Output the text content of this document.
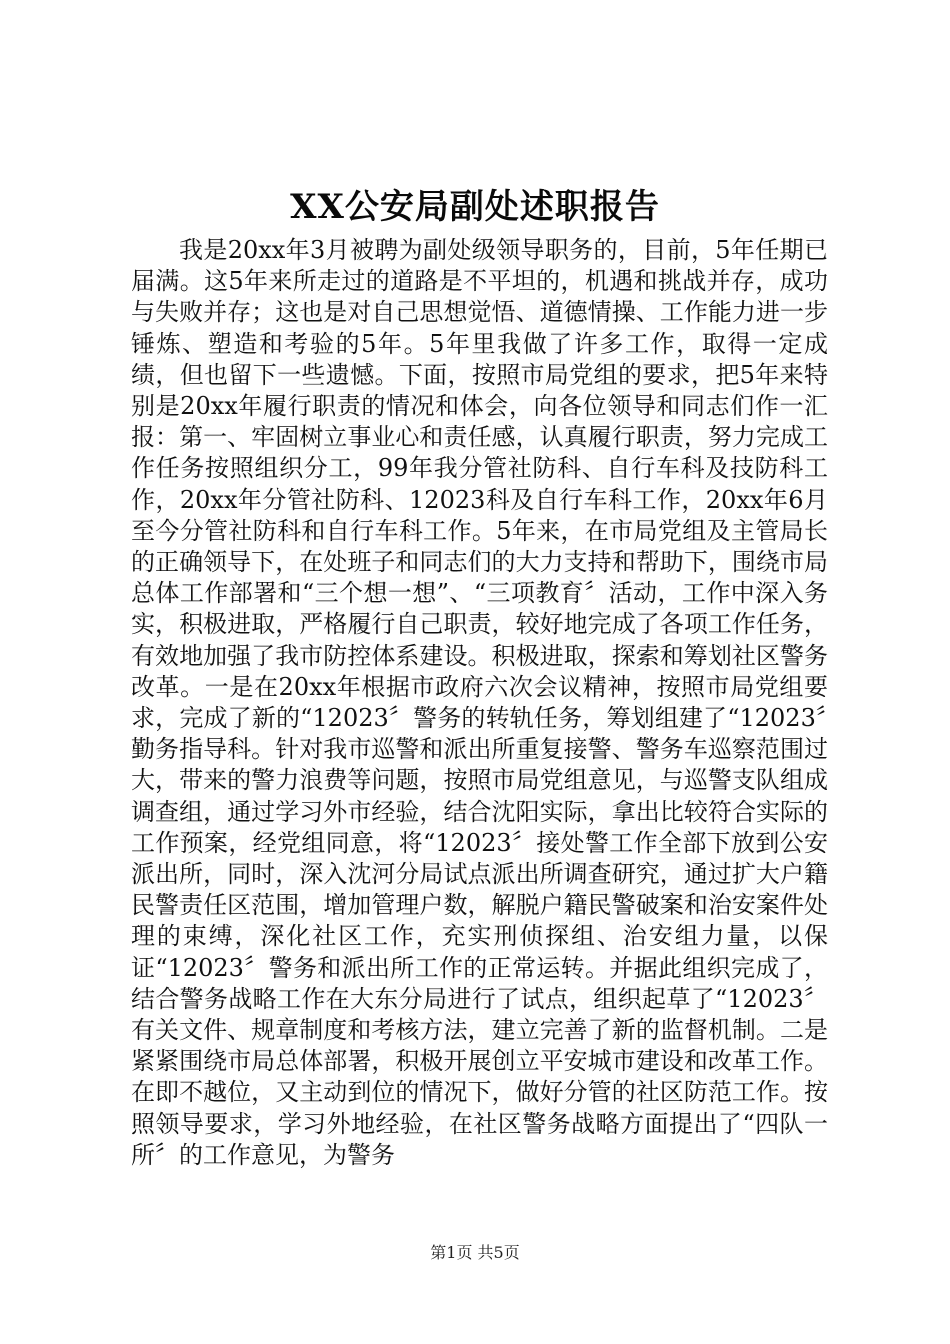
XX公安局副处述职报告

我是20xx年3月被聘为副处级领导职务的，目前，5年任期已届满。这5年来所走过的道路是不平坦的，机遇和挑战并存，成功与失败并存；这也是对自己思想觉悟、道德情操、工作能力进一步锤炼、塑造和考验的5年。5年里我做了许多工作，取得一定成绩，但也留下一些遗憾。下面，按照市局党组的要求，把5年来特别是20xx年履行职责的情况和体会，向各位领导和同志们作一汇报：第一、牢固树立事业心和责任感，认真履行职责，努力完成工作任务按照组织分工，99年我分管社防科、自行车科及技防科工作，20xx年分管社防科、12023科及自行车科工作，20xx年6月至今分管社防科和自行车科工作。5年来，在市局党组及主管局长的正确领导下，在处班子和同志们的大力支持和帮助下，围绕市局总体工作部署和“三个想一想”、“三项教育〞活动，工作中深入务实，积极进取，严格履行自己职责，较好地完成了各项工作任务，有效地加强了我市防控体系建设。积极进取，探索和筹划社区警务改革。一是在20xx年根据市政府六次会议精神，按照市局党组要求，完成了新的“12023〞警务的转轨任务，筹划组建了“12023〞勤务指导科。针对我市巡警和派出所重复接警、警务车巡察范围过大，带来的警力浪费等问题，按照市局党组意见，与巡警支队组成调查组，通过学习外市经验，结合沈阳实际，拿出比较符合实际的工作预案，经党组同意，将“12023〞接处警工作全部下放到公安派出所，同时，深入沈河分局试点派出所调查研究，通过扩大户籍民警责任区范围，增加管理户数，解脱户籍民警破案和治安案件处理的束缚，深化社区工作，充实刑侦探组、治安组力量，以保证“12023〞警务和派出所工作的正常运转。并据此组织完成了，结合警务战略工作在大东分局进行了试点，组织起草了“12023〞有关文件、规章制度和考核方法，建立完善了新的监督机制。二是紧紧围绕市局总体部署，积极开展创立平安城市建设和改革工作。在即不越位，又主动到位的情况下，做好分管的社区防范工作。按照领导要求，学习外地经验，在社区警务战略方面提出了“四队一所〞的工作意见，为警务

第1页 共5页
